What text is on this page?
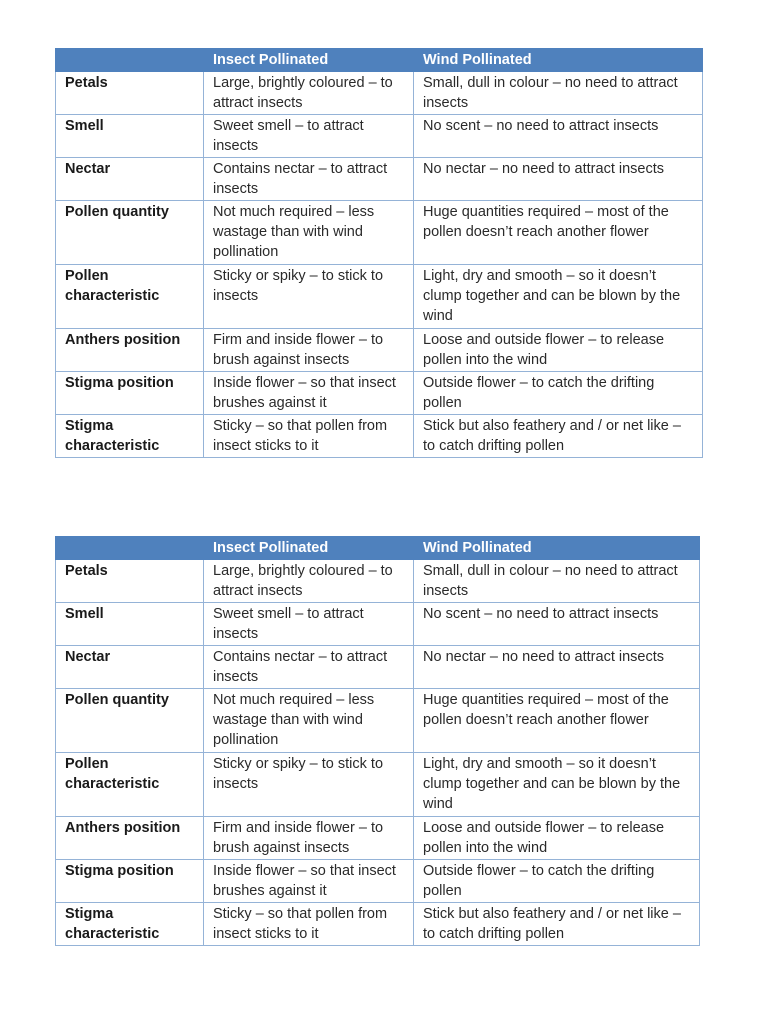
	Insect Pollinated	Wind Pollinated
Petals	Large, brightly coloured – to attract insects	Small, dull in colour – no need to attract insects
Smell	Sweet smell – to attract insects	No scent – no need to attract insects
Nectar	Contains nectar – to attract insects	No nectar – no need to attract insects
Pollen quantity	Not much required – less wastage than with wind pollination	Huge quantities required – most of the pollen doesn’t reach another flower
Pollen characteristic	Sticky or spiky – to stick to insects	Light, dry and smooth – so it doesn’t clump together and can be blown by the wind
Anthers position	Firm and inside flower – to brush against insects	Loose and outside flower – to release pollen into the wind
Stigma position	Inside flower – so that insect brushes against it	Outside flower – to catch the drifting pollen
Stigma characteristic	Sticky – so that pollen from insect sticks to it	Stick but also feathery and / or net like – to catch drifting pollen
	Insect Pollinated	Wind Pollinated
Petals	Large, brightly coloured – to attract insects	Small, dull in colour – no need to attract insects
Smell	Sweet smell – to attract insects	No scent – no need to attract insects
Nectar	Contains nectar – to attract insects	No nectar – no need to attract insects
Pollen quantity	Not much required – less wastage than with wind pollination	Huge quantities required – most of the pollen doesn’t reach another flower
Pollen characteristic	Sticky or spiky – to stick to insects	Light, dry and smooth – so it doesn’t clump together and can be blown by the wind
Anthers position	Firm and inside flower – to brush against insects	Loose and outside flower – to release pollen into the wind
Stigma position	Inside flower – so that insect brushes against it	Outside flower – to catch the drifting pollen
Stigma characteristic	Sticky – so that pollen from insect sticks to it	Stick but also feathery and / or net like – to catch drifting pollen
